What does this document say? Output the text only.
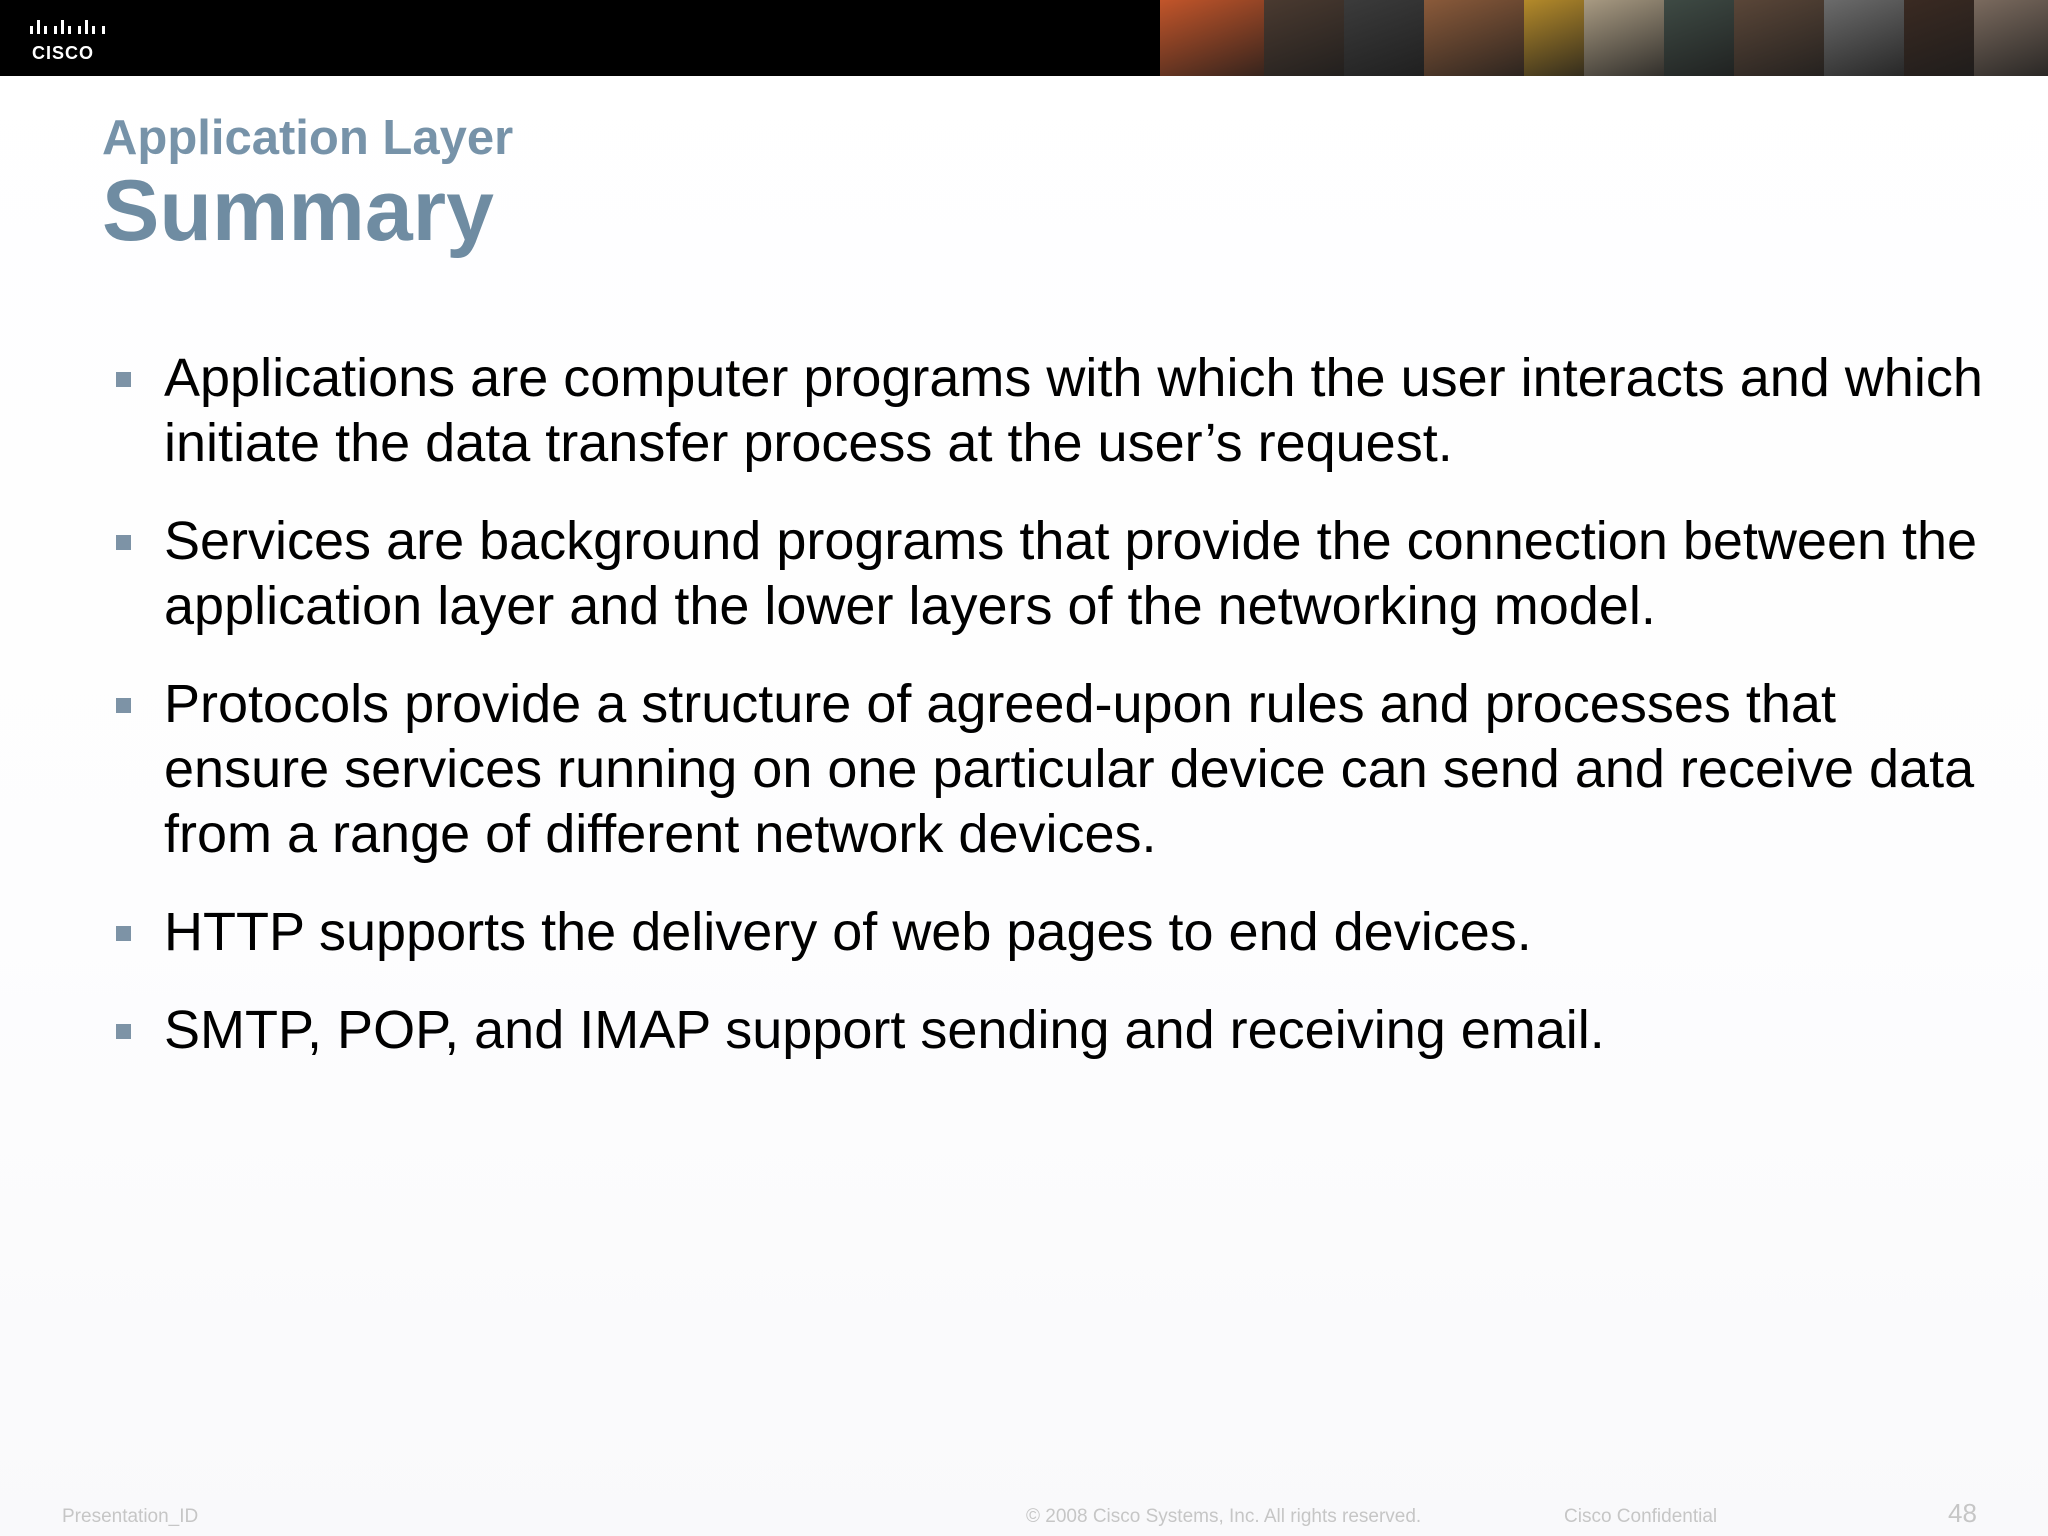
CISCO
Application Layer
Summary
Applications are computer programs with which the user interacts and which initiate the data transfer process at the user’s request.
Services are background programs that provide the connection between the application layer and the lower layers of the networking model.
Protocols provide a structure of agreed-upon rules and processes that ensure services running on one particular device can send and receive data from a range of different network devices.
HTTP supports the delivery of web pages to end devices.
SMTP, POP, and IMAP support sending and receiving email.
Presentation_ID	© 2008 Cisco Systems, Inc. All rights reserved.	Cisco Confidential	48
